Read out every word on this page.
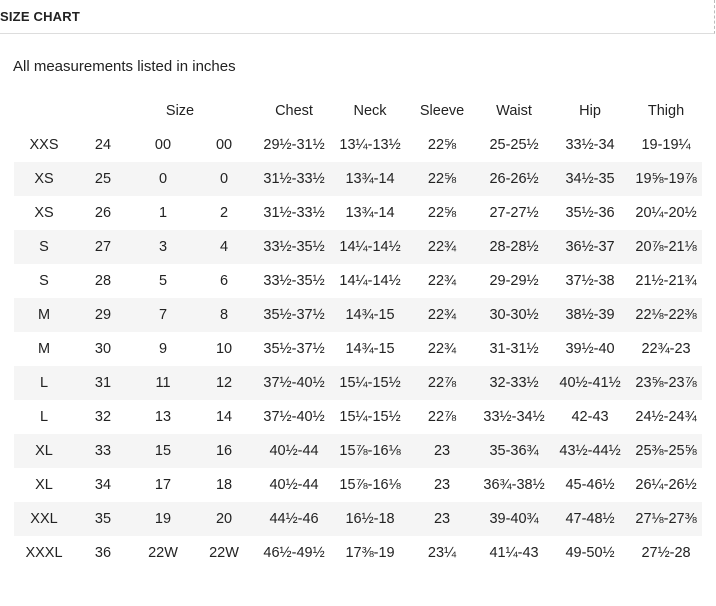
SIZE CHART
All measurements listed in inches
Size				Chest	Neck	Sleeve	Waist	Hip	Thigh
XXS	24	00	00	29½-31½	13¼-13½	22⅝	25-25½	33½-34	19-19¼
XS	25	0	0	31½-33½	13¾-14	22⅝	26-26½	34½-35	19⅝-19⅞
XS	26	1	2	31½-33½	13¾-14	22⅝	27-27½	35½-36	20¼-20½
S	27	3	4	33½-35½	14¼-14½	22¾	28-28½	36½-37	20⅞-21⅛
S	28	5	6	33½-35½	14¼-14½	22¾	29-29½	37½-38	21½-21¾
M	29	7	8	35½-37½	14¾-15	22¾	30-30½	38½-39	22⅛-22⅜
M	30	9	10	35½-37½	14¾-15	22¾	31-31½	39½-40	22¾-23
L	31	11	12	37½-40½	15¼-15½	22⅞	32-33½	40½-41½	23⅝-23⅞
L	32	13	14	37½-40½	15¼-15½	22⅞	33½-34½	42-43	24½-24¾
XL	33	15	16	40½-44	15⅞-16⅛	23	35-36¾	43½-44½	25⅜-25⅝
XL	34	17	18	40½-44	15⅞-16⅛	23	36¾-38½	45-46½	26¼-26½
XXL	35	19	20	44½-46	16½-18	23	39-40¾	47-48½	27⅛-27⅜
XXXL	36	22W	22W	46½-49½	17⅜-19	23¼	41¼-43	49-50½	27½-28
